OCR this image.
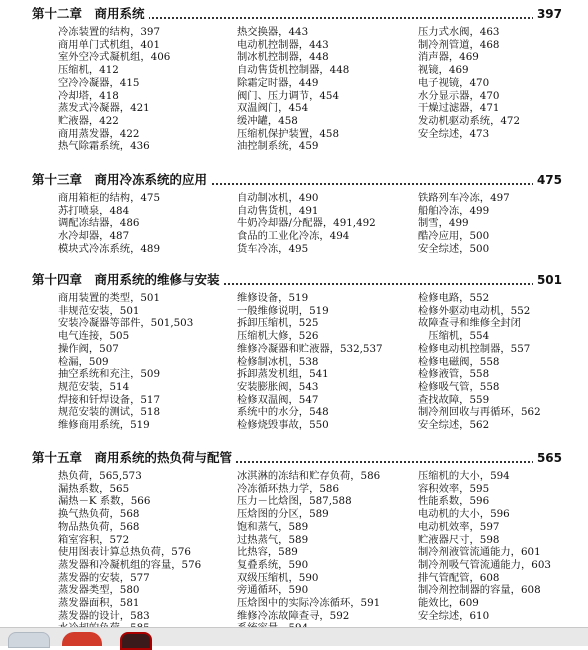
第十二章　商用系统	397
冷冻装置的结构，397
商用单门式机组，401
室外空冷式凝机组，406
压缩机，412
空冷冷凝器，415
冷却塔，418
蒸发式冷凝器，421
贮液器，422
商用蒸发器，422
热气除霜系统，436
热交换器，443
电动机控制器，443
制冰机控制器，448
自动售货机控制器，448
除霜定时器，449
阀门、压力调节，454
双温阀门，454
缓冲罐，458
压缩机保护装置，458
油控制系统，459
压力式水阀，463
制冷剂管道，468
消声器，469
视镜，469
电子视镜，470
水分显示器，470
干燥过滤器，471
发动机驱动系统，472
安全综述，473
第十三章　商用冷冻系统的应用	475
商用箱柜的结构，475
苏打喷泉，484
调配冻结器，486
水冷却器，487
模块式冷冻系统，489
自动制冰机，490
自动售货机，491
牛奶冷却器/分配器，491,492
食品的工业化冷冻，494
货车冷冻，495
铁路列车冷冻，497
船舶冷冻，499
制雪，499
酷冷应用，500
安全综述，500
第十四章　商用系统的维修与安装	501
商用装置的类型，501
非规范安装，501
安装冷凝器等部件，501,503
电气连接，505
操作阀，507
检漏，509
抽空系统和充注，509
规范安装，514
焊接和钎焊设备，517
规范安装的测试，518
维修商用系统，519
维修设备，519
一般维修说明，519
拆卸压缩机，525
压缩机大修，526
维修冷凝器和贮液器，532,537
检修制冰机，538
拆卸蒸发机组，541
安装膨胀阀，543
检修双温阀，547
系统中的水分，548
检修烧毁事故，550
检修电路，552
检修外驱动电动机，552
故障查寻和维修全封闭
　压缩机，554
检修电动机控制器，557
检修电磁阀，558
检修液管，558
检修吸气管，558
查找故障，559
制冷剂回收与再循环，562
安全综述，562
第十五章　商用系统的热负荷与配管	565
热负荷，565,573
漏热系数，565
漏热－K 系数，566
换气热负荷，568
物品热负荷，568
箱室容积，572
使用图表计算总热负荷，576
蒸发器和冷凝机组的容量，576
蒸发器的安装，577
蒸发器类型，580
蒸发器面积，581
蒸发器的设计，583
冰淇淋的冻结和贮存负荷，586
冷冻循环热力学，586
压力－比焓图，587,588
压焓图的分区，589
饱和蒸气，589
过热蒸气，589
比热容，589
复叠系统，590
双级压缩机，590
旁通循环，590
压焓图中的实际冷冻循环，591
维修冷冻故障查寻，592
压缩机的大小，594
容积效率，595
性能系数，596
电动机的大小，596
电动机效率，597
贮液器尺寸，598
制冷剂液管流通能力，601
制冷剂吸气管流通能力，603
排气管配管，608
制冷剂控制器的容量，608
能效比，609
安全综述，610
